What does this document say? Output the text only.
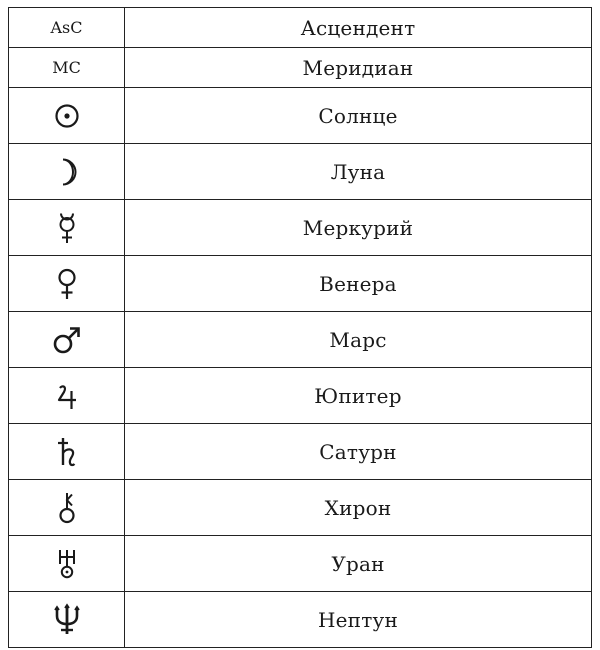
AsC	Асцендент
MC	Меридиан

	Солнце

	Луна

	Меркурий

	Венера

	Марс

	Юпитер

	Сатурн

	Хирон

	Уран

	Нептун
